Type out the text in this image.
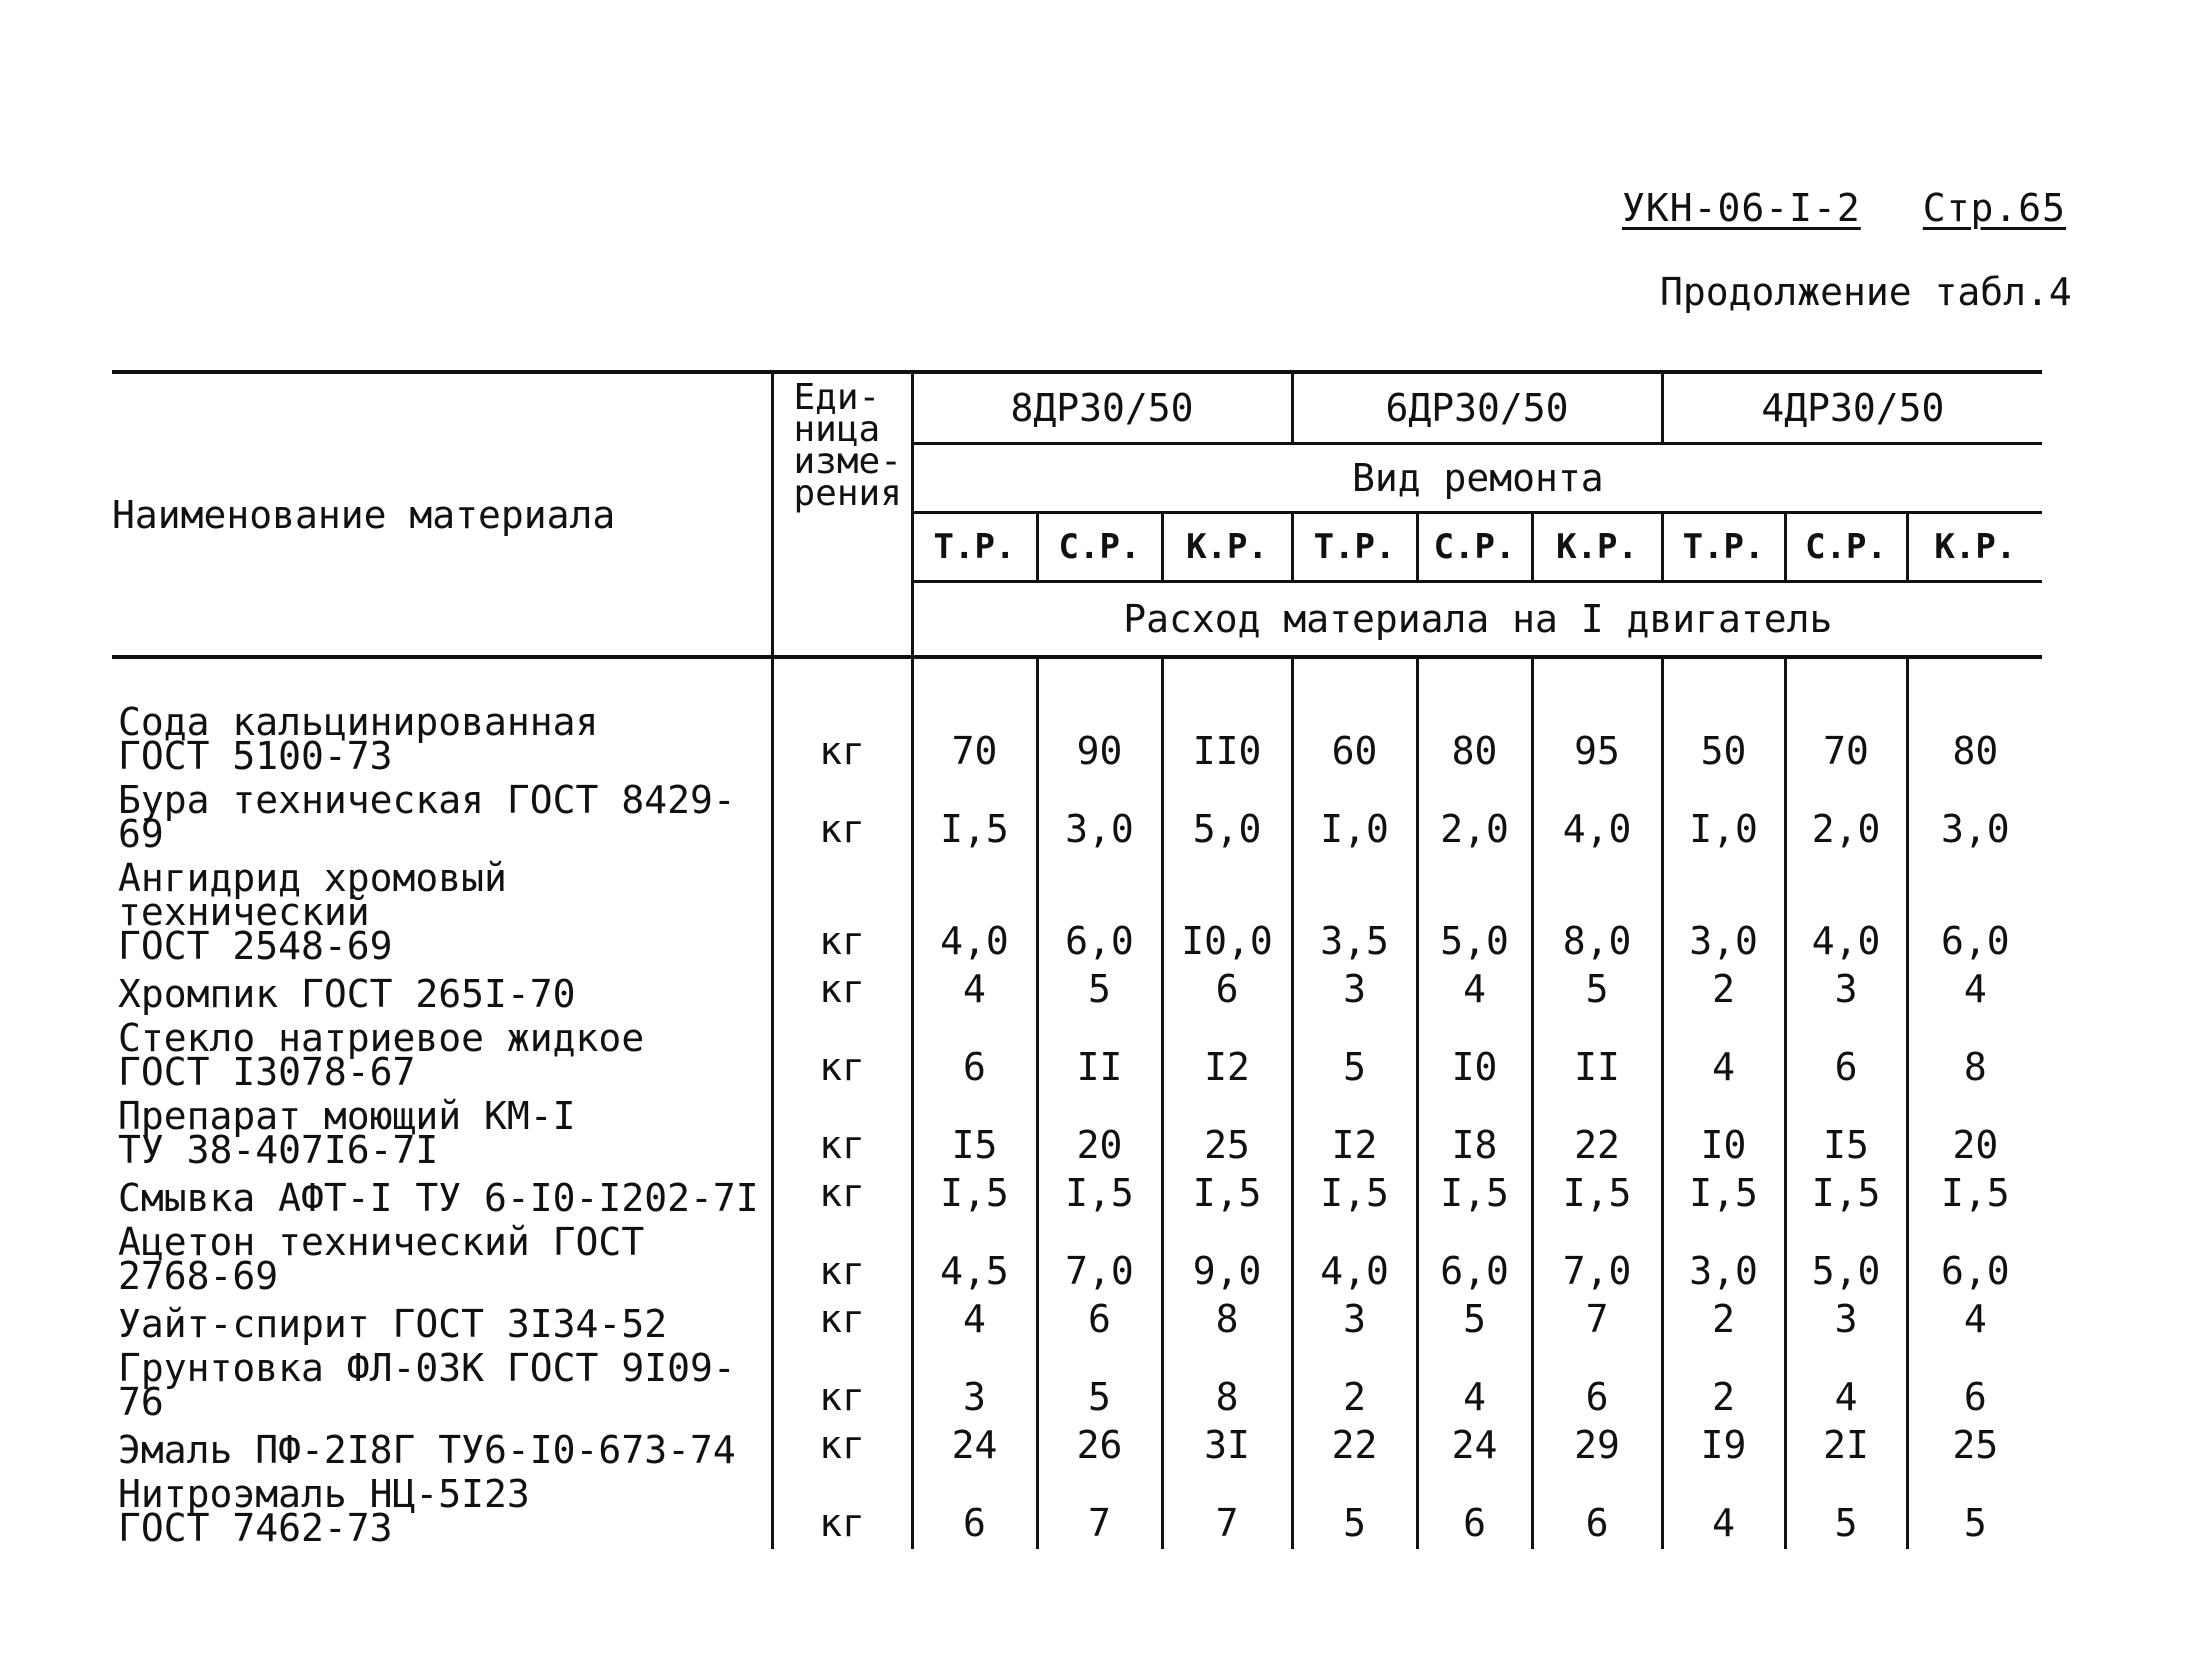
УКН-06-I-2 Стр.65
Продолжение табл.4
Наименование материала	Еди-
ница
изме-
рения	8ДР30/50			6ДР30/50			4ДР30/50		
		Вид ремонта								
		Т.Р.	С.Р.	К.Р.	Т.Р.	С.Р.	К.Р.	Т.Р.	С.Р.	К.Р.
		Расход материала на I двигатель								

Сода кальцинированная
ГОСТ 5100-73	кг	70	90	II0	60	80	95	50	70	80
Бура техническая ГОСТ 8429-69	кг	I,5	3,0	5,0	I,0	2,0	4,0	I,0	2,0	3,0
Ангидрид хромовый технический
ГОСТ 2548-69	кг	4,0	6,0	I0,0	3,5	5,0	8,0	3,0	4,0	6,0
Хромпик ГОСТ 265I-70	кг	4	5	6	3	4	5	2	3	4
Стекло натриевое жидкое
ГОСТ I3078-67	кг	6	II	I2	5	I0	II	4	6	8
Препарат моющий КМ-I
ТУ 38-407I6-7I	кг	I5	20	25	I2	I8	22	I0	I5	20
Смывка АФТ-I ТУ 6-I0-I202-7I	кг	I,5	I,5	I,5	I,5	I,5	I,5	I,5	I,5	I,5
Ацетон технический ГОСТ 2768-69	кг	4,5	7,0	9,0	4,0	6,0	7,0	3,0	5,0	6,0
Уайт-спирит ГОСТ 3I34-52	кг	4	6	8	3	5	7	2	3	4
Грунтовка ФЛ-03К ГОСТ 9I09-76	кг	3	5	8	2	4	6	2	4	6
Эмаль ПФ-2I8Г ТУ6-I0-673-74	кг	24	26	3I	22	24	29	I9	2I	25
Нитроэмаль НЦ-5I23
ГОСТ 7462-73	кг	6	7	7	5	6	6	4	5	5
